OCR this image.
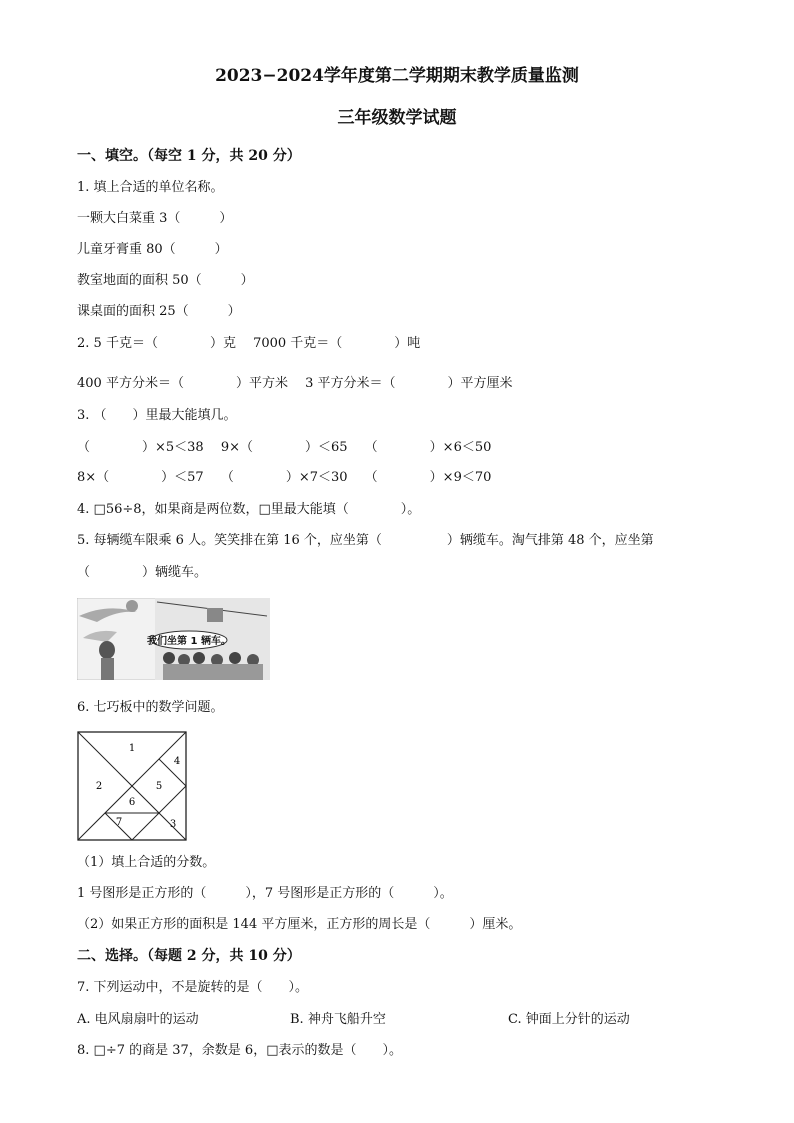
2023−2024学年度第二学期期末教学质量监测
三年级数学试题
一、填空。（每空 1 分，共 20 分）
1. 填上合适的单位名称。
一颗大白菜重 3（　　　）
儿童牙膏重 80（　　　）
教室地面的面积 50（　　　）
课桌面的面积 25（　　　）
2. 5 千克＝（　　　　）克　 7000 千克＝（　　　　）吨
400 平方分米＝（　　　　）平方米　 3 平方分米＝（　　　　）平方厘米
3. （　　）里最大能填几。
（　　　　）×5＜38　 9×（　　　　）＜65　 （　　　　）×6＜50
8×（　　　　）＜57　 （　　　　）×7＜30　 （　　　　）×9＜70
4. □56÷8，如果商是两位数，□里最大能填（　　　　）。
5. 每辆缆车限乘 6 人。笑笑排在第 16 个，应坐第（　　　　　）辆缆车。淘气排第 48 个，应坐第
（　　　　）辆缆车。
我们坐第 1 辆车。
6. 七巧板中的数学问题。
1
2
3
4
5
6
7
（1）填上合适的分数。
1 号图形是正方形的（　　　），7 号图形是正方形的（　　　）。
（2）如果正方形的面积是 144 平方厘米，正方形的周长是（　　　）厘米。
二、选择。（每题 2 分，共 10 分）
7. 下列运动中，不是旋转的是（　　）。
A. 电风扇扇叶的运动	B. 神舟飞船升空	C. 钟面上分针的运动
8. □÷7 的商是 37，余数是 6，□表示的数是（　　）。
